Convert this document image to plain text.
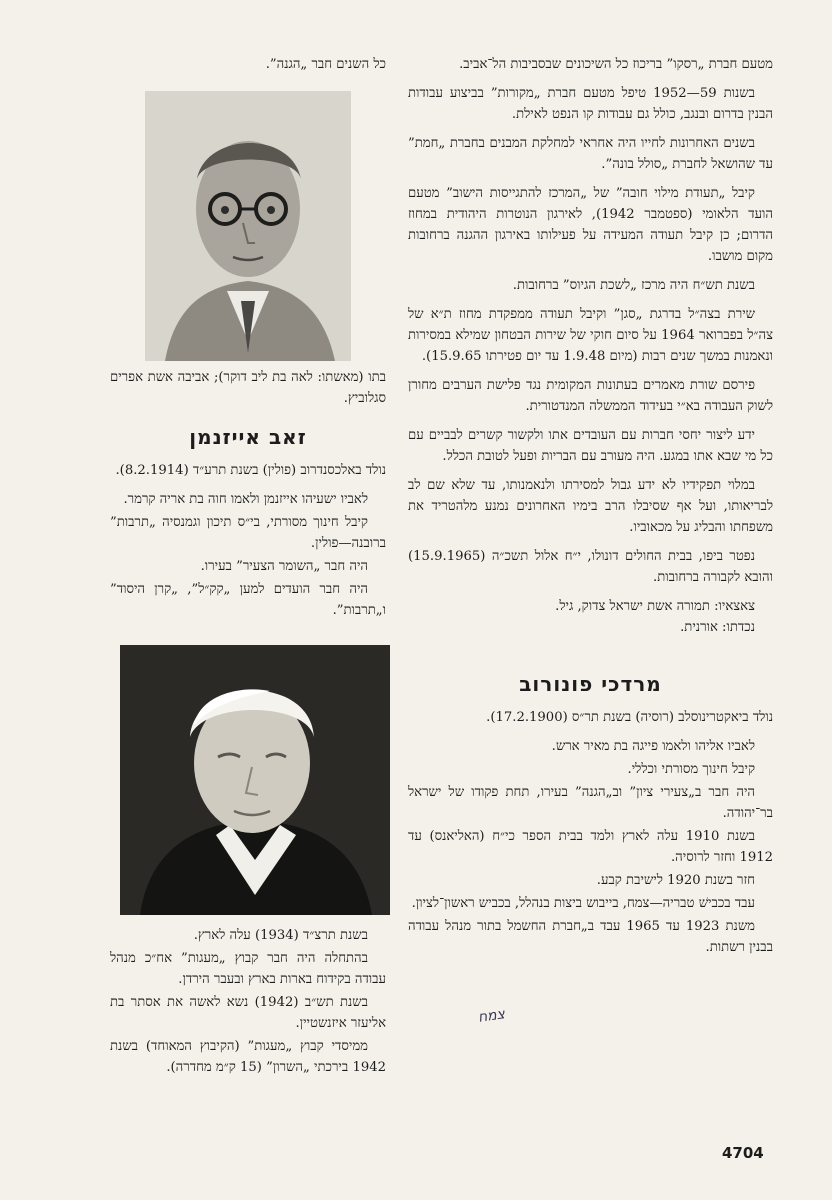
מטעם חברת „רסקו” בריכוז כל השיכונים שבסביבות הל־אביב.

בשנות 59—1952 טיפל מטעם חברת „מקורות” בביצוע עבודות הבנין בדרום ובנגב, כולל גם עבודות קו הנפט לאילת.

בשנים האחרונות לחייו היה אחראי למחלקת המבנים בחברת „חמת” עד שהושאל לחברת „סולל בונה”.

קיבל „תעודת מילוי חובה” של „המרכז להתגייסות הישוב” מטעם הועד הלאומי (ספטמבר 1942), לאירגון הנוטרות היהודית במחוז הדרום; כן קיבל תעודה המעידה על פעילותו באירגון ההגנה ברחובות מקום מושבו.

בשנת תש״ח היה מרכז „לשכת הגיוס” ברחובות.

שירת בצה״ל בדרגת „סגן” וקיבל תעודה ממפקדת מחוז ת״א של צה״ל בפברואר 1964 על סיום חוקי של שירות הבטחון שמילא במסירות ונאמנות במשך שנים רבות (מיום 1.9.48 עד יום פטירתו 15.9.65).

פירסם שורת מאמרים בעתונות המקומית נגד פלישת הערבים מחורן לשוק העבודה בא״י בעידוד הממשלה המנדטורית.

ידע ליצור יחסי חברות עם העובדים אתו ולקשור קשרים לבביים עם כל מי שבא אתו במגע. היה מעורב עם הבריות ופעל לטובת הכלל.

במלוי תפקידיו לא ידע גבול למסירתו ולנאמנותו, עד שלא שם לב לבריאותו, ועל אף שסיבלו הרב בימיו האחרונים נמנע מלהטריד את משפחתו והבליג על מכאוביו.

נפטר ביפו, בבית החולים דונולו, י״ח אלול תשכ״ה (15.9.1965) והובא לקבורה ברחובות.

צאצאיו: תמורה אשת ישראל צדוק, גיל.

נכדתו: אורנית.

מרדכי פונורוב

נולד ביאקטרינוסלב (רוסיה) בשנת תר״ס (17.2.1900).

לאביו אליהו ולאמו פייגה בת מאיר ארש.

קיבל חינוך מסורתי וכללי.

היה חבר ב„צעירי ציון” וב„הגנה” בעירו, תחת פקודו של ישראל בר־יהודה.

בשנת 1910 עלה לארץ ולמד בבית הספר כי״ח (האליאנס) עד 1912 וחזר לרוסיה.

חזר בשנת 1920 לישיבת קבע.

עבד בכבישׁ טבריה—צמח, בייבוש ביצות בנהלל, בכביש ראשון־לציון.

משנת 1923 עד 1965 עבד ב„חברת החשמל בתור מנהל עבודה בבנין רשתות.

כל השנים חבר „הגנה”.

בתו (מאשתו: לאה בת ליב דוקר); אביבה אשת אפרים סגלוביץ.

זאב אייזנמן

נולד באלכסנדרוב (פולין) בשנת תרע״ד (8.2.1914).

לאביו ישעיהו אייזנמן ולאמו חוה בת אריה קרמר.

קיבל חינוך מסורתי, בי״ס תיכון וגמנסיה „תרבות” ברובנה—פולין.

היה חבר „השומר הצעיר” בעירו.

היה חבר הועדים למען „קק״ל”, „קרן היסוד” ו„תרבות”.

בשנת תרצ״ד (1934) עלה לארץ.

בהתחלה היה חבר קבוץ „מעגות” אח״כ מנהל עבודה בקידוח בארות בארץ ובעבר הירדן.

בשנת תש״ב (1942) נשא לאשה את אסתר בת אליעזר איזנשטיין.

ממיסדי קבוץ „מעגות” (הקיבוץ המאוחד) בשנת 1942 בירכתי „השרון” (15 ק״מ מחדרה).

צמח
4704
